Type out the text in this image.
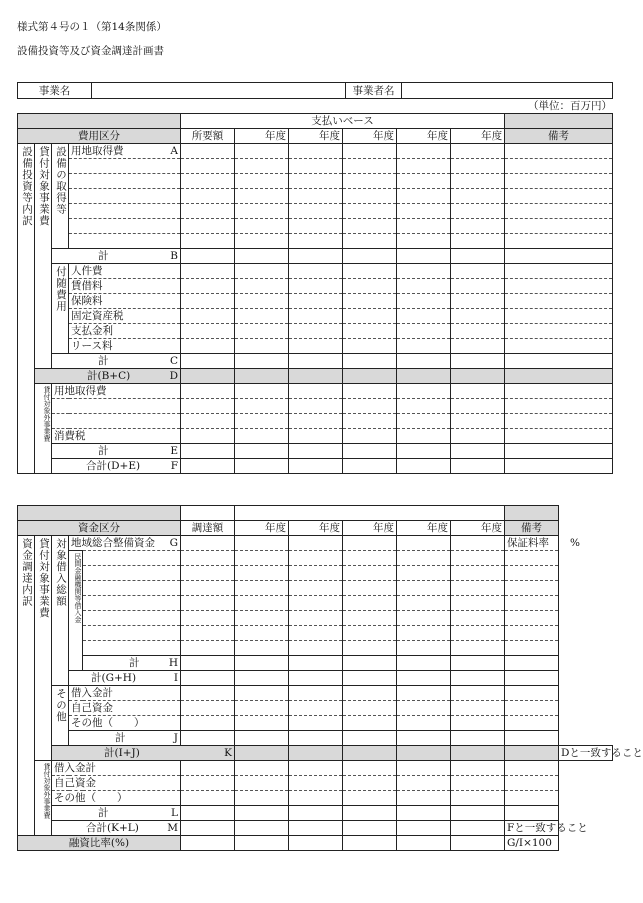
様式第４号の１（第14条関係）
設備投資等及び資金調達計画書
事業名		事業者名	
（単位：百万円）
				支払いベース						
費用区分				所要額	年度	年度	年度	年度	年度	備考
設備投資等内訳	貸付対象事業費	設備の取得等	用地取得費 A							

		計 B								

		付随費用	人件費							
			賃借料							
			保険料							
			固定資産税							
			支払金利							
			リース料							

		計 C								

	計(B+C) D									

	貸付対象外事業費	用地取得費								

		消費税								

		計 E								

		合計(D+E) F								

資金区分					調達額	年度	年度	年度	年度	年度	備考	
資金調達内訳	貸付対象事業費	対象借入総額	地域総合整備資金 G								保証料率　　%	
			民間金融機関等借入金									

				計 H								

			計(G+H) I									

		その他	借入金計									
			自己資金									
			その他（　　）									

			計 J									

		計(I+J) K										Dと一致すること
	貸付対象外事業費	借入金計										
		自己資金										
		その他（　　）										

		計 L										

		合計(K+L) M									Fと一致すること	
融資比率(%)											G/I×100	
